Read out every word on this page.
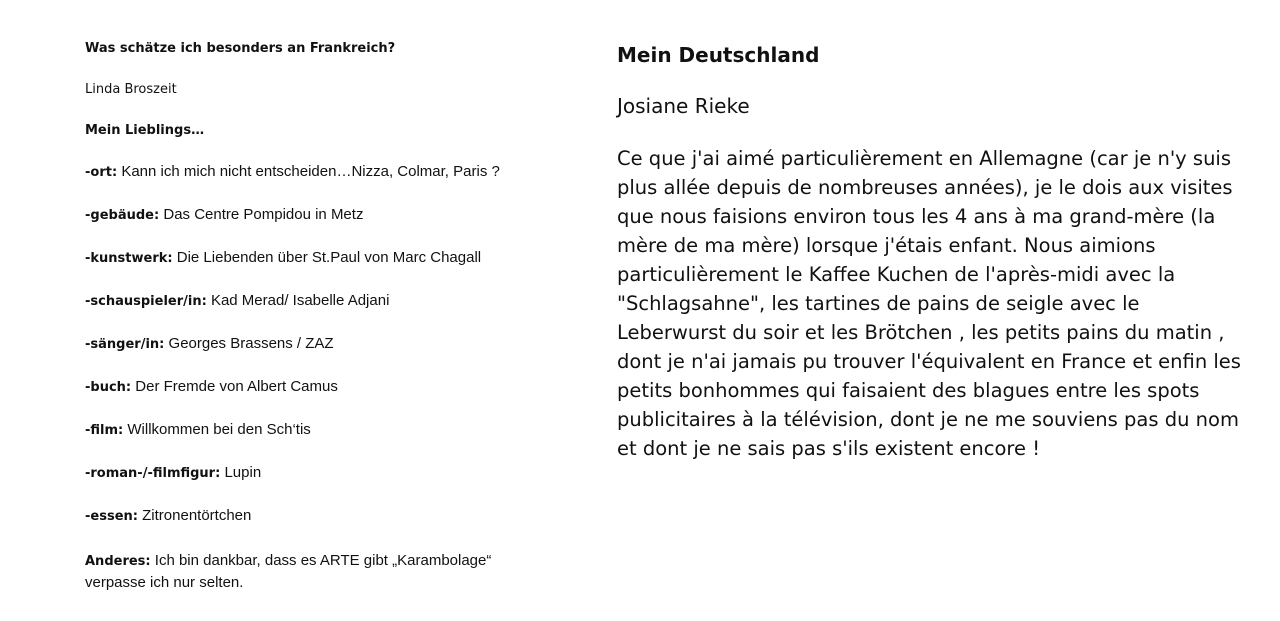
Was schätze ich besonders an Frankreich?

Linda Broszeit

Mein Lieblings…

-ort: Kann ich mich nicht entscheiden…Nizza, Colmar, Paris ?

-gebäude: Das Centre Pompidou in Metz

-kunstwerk: Die Liebenden über St.Paul von Marc Chagall

-schauspieler/in: Kad Merad/ Isabelle Adjani

-sänger/in: Georges Brassens / ZAZ

-buch: Der Fremde von Albert Camus

-film: Willkommen bei den Sch‘tis

-roman-/-filmfigur: Lupin

-essen: Zitronentörtchen

Anderes: Ich bin dankbar, dass es ARTE gibt „Karambolage“ verpasse ich nur selten.

Mein Deutschland

Josiane Rieke

Ce que j'ai aimé particulièrement en Allemagne (car je n'y suis plus allée depuis de nombreuses années), je le dois aux visites que nous faisions environ tous les 4 ans à ma grand-mère (la mère de ma mère) lorsque j'étais enfant. Nous aimions particulièrement le Kaffee Kuchen de l'après-midi avec la "Schlagsahne", les tartines de pains de seigle avec le Leberwurst du soir et les Brötchen , les petits pains du matin , dont je n'ai jamais pu trouver l'équivalent en France et enfin les petits bonhommes qui faisaient des blagues entre les spots publicitaires à la télévision, dont je ne me souviens pas du nom et dont je ne sais pas s'ils existent encore !
